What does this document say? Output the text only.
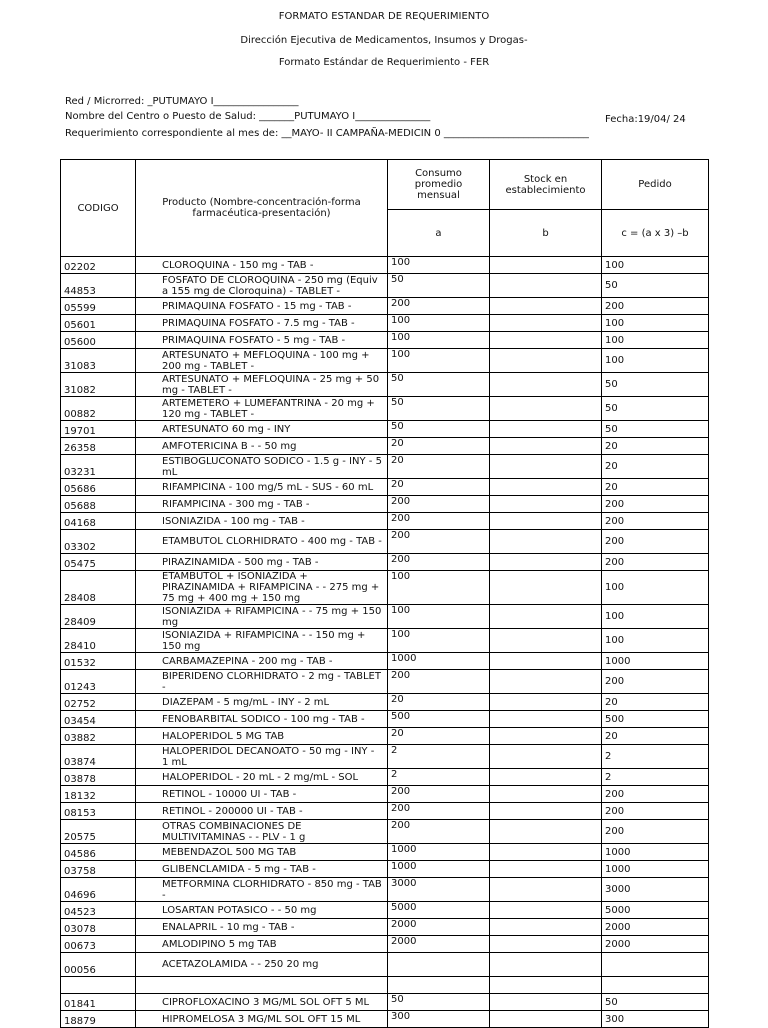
FORMATO ESTANDAR DE REQUERIMIENTO
Dirección Ejecutiva de Medicamentos, Insumos y Drogas-
Formato Estándar de Requerimiento - FER
Red / Microrred: _PUTUMAYO I_________________
Nombre del Centro o Puesto de Salud: _______PUTUMAYO I_______________	Fecha:19/04/ 24
Requerimiento correspondiente al mes de: __MAYO- II CAMPAÑA-MEDICIN 0 _____________________________
CODIGO	Producto (Nombre-concentración-forma farmacéutica-presentación)	Consumo promedio mensual	Stock en establecimiento	Pedido
		a	b	c = (a x 3) –b
02202	CLOROQUINA - 150 mg - TAB -	100		100
44853	FOSFATO DE CLOROQUINA - 250 mg (Equiv a 155 mg de Cloroquina) - TABLET -	50		50
05599	PRIMAQUINA FOSFATO - 15 mg - TAB -	200		200
05601	PRIMAQUINA FOSFATO - 7.5 mg - TAB -	100		100
05600	PRIMAQUINA FOSFATO - 5 mg - TAB -	100		100
31083	ARTESUNATO + MEFLOQUINA - 100 mg + 200 mg - TABLET -	100		100
31082	ARTESUNATO + MEFLOQUINA - 25 mg + 50 mg - TABLET -	50		50
00882	ARTEMETERO + LUMEFANTRINA - 20 mg + 120 mg - TABLET -	50		50
19701	ARTESUNATO 60 mg - INY	50		50
26358	AMFOTERICINA B - - 50 mg	20		20
03231	ESTIBOGLUCONATO SODICO - 1.5 g - INY - 5 mL	20		20
05686	RIFAMPICINA - 100 mg/5 mL - SUS - 60 mL	20		20
05688	RIFAMPICINA - 300 mg - TAB -	200		200
04168	ISONIAZIDA - 100 mg - TAB -	200		200
03302	ETAMBUTOL CLORHIDRATO - 400 mg - TAB -	200		200
05475	PIRAZINAMIDA - 500 mg - TAB -	200		200
28408	ETAMBUTOL + ISONIAZIDA + PIRAZINAMIDA + RIFAMPICINA - - 275 mg + 75 mg + 400 mg + 150 mg	100		100
28409	ISONIAZIDA + RIFAMPICINA - - 75 mg + 150 mg	100		100
28410	ISONIAZIDA + RIFAMPICINA - - 150 mg + 150 mg	100		100
01532	CARBAMAZEPINA - 200 mg - TAB -	1000		1000
01243	BIPERIDENO CLORHIDRATO - 2 mg - TABLET -	200		200
02752	DIAZEPAM - 5 mg/mL - INY - 2 mL	20		20
03454	FENOBARBITAL SODICO - 100 mg - TAB -	500		500
03882	HALOPERIDOL 5 MG TAB	20		20
03874	HALOPERIDOL DECANOATO - 50 mg - INY - 1 mL	2		2
03878	HALOPERIDOL - 20 mL - 2 mg/mL - SOL	2		2
18132	RETINOL - 10000 UI - TAB -	200		200
08153	RETINOL - 200000 UI - TAB -	200		200
20575	OTRAS COMBINACIONES DE MULTIVITAMINAS - - PLV - 1 g	200		200
04586	MEBENDAZOL 500 MG TAB	1000		1000
03758	GLIBENCLAMIDA - 5 mg - TAB -	1000		1000
04696	METFORMINA CLORHIDRATO - 850 mg - TAB -	3000		3000
04523	LOSARTAN POTASICO - - 50 mg	5000		5000
03078	ENALAPRIL - 10 mg - TAB -	2000		2000
00673	AMLODIPINO 5 mg TAB	2000		2000
00056	ACETAZOLAMIDA - - 250 20 mg			

01841	CIPROFLOXACINO 3 MG/ML SOL OFT 5 ML	50		50
18879	HIPROMELOSA 3 MG/ML SOL OFT 15 ML	300		300
